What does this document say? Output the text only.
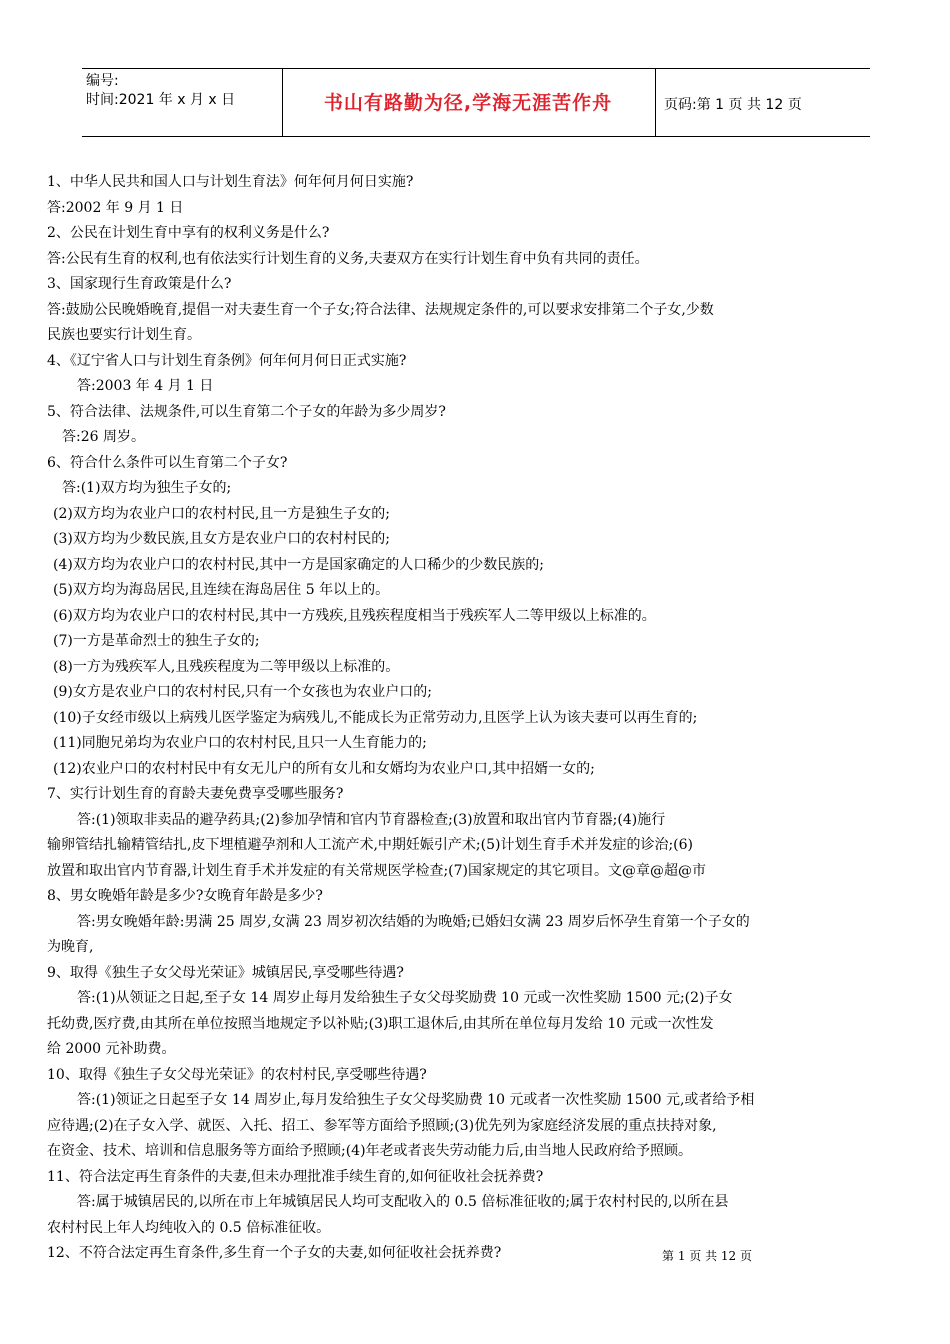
编号:
时间:2021 年 x 月 x 日	书山有路勤为径,学海无涯苦作舟	页码:第 1 页 共 12 页

1、中华人民共和国人口与计划生育法》何年何月何日实施?

答:2002 年 9 月 1 日

2、公民在计划生育中享有的权利义务是什么?

答:公民有生育的权利,也有依法实行计划生育的义务,夫妻双方在实行计划生育中负有共同的责任。

3、国家现行生育政策是什么?

答:鼓励公民晚婚晚育,提倡一对夫妻生育一个子女;符合法律、法规规定条件的,可以要求安排第二个子女,少数

民族也要实行计划生育。

4、《辽宁省人口与计划生育条例》何年何月何日正式实施?

答:2003 年 4 月 1 日

5、符合法律、法规条件,可以生育第二个子女的年龄为多少周岁?

答:26 周岁。

6、符合什么条件可以生育第二个子女?

答:(1)双方均为独生子女的;

(2)双方均为农业户口的农村村民,且一方是独生子女的;

(3)双方均为少数民族,且女方是农业户口的农村村民的;

(4)双方均为农业户口的农村村民,其中一方是国家确定的人口稀少的少数民族的;

(5)双方均为海岛居民,且连续在海岛居住 5 年以上的。

(6)双方均为农业户口的农村村民,其中一方残疾,且残疾程度相当于残疾军人二等甲级以上标准的。

(7)一方是革命烈士的独生子女的;

(8)一方为残疾军人,且残疾程度为二等甲级以上标准的。

(9)女方是农业户口的农村村民,只有一个女孩也为农业户口的;

(10)子女经市级以上病残儿医学鉴定为病残儿,不能成长为正常劳动力,且医学上认为该夫妻可以再生育的;

(11)同胞兄弟均为农业户口的农村村民,且只一人生育能力的;

(12)农业户口的农村村民中有女无儿户的所有女儿和女婿均为农业户口,其中招婿一女的;

7、实行计划生育的育龄夫妻免费享受哪些服务?

答:(1)领取非卖品的避孕药具;(2)参加孕情和官内节育器检查;(3)放置和取出官内节育器;(4)施行

输卵管结扎输精管结扎,皮下埋植避孕剂和人工流产术,中期妊娠引产术;(5)计划生育手术并发症的诊治;(6)

放置和取出官内节育器,计划生育手术并发症的有关常规医学检查;(7)国家规定的其它项目。文@章@超@市

8、男女晚婚年龄是多少?女晚育年龄是多少?

答:男女晚婚年龄:男满 25 周岁,女满 23 周岁初次结婚的为晚婚;已婚妇女满 23 周岁后怀孕生育第一个子女的

为晚育,

9、取得《独生子女父母光荣证》城镇居民,享受哪些待遇?

答:(1)从领证之日起,至子女 14 周岁止每月发给独生子女父母奖励费 10 元或一次性奖励 1500 元;(2)子女

托幼费,医疗费,由其所在单位按照当地规定予以补贴;(3)职工退休后,由其所在单位每月发给 10 元或一次性发

给 2000 元补助费。

10、取得《独生子女父母光荣证》的农村村民,享受哪些待遇?

答:(1)领证之日起至子女 14 周岁止,每月发给独生子女父母奖励费 10 元或者一次性奖励 1500 元,或者给予相

应待遇;(2)在子女入学、就医、入托、招工、参军等方面给予照顾;(3)优先列为家庭经济发展的重点扶持对象,

在资金、技术、培训和信息服务等方面给予照顾;(4)年老或者丧失劳动能力后,由当地人民政府给予照顾。

11、符合法定再生育条件的夫妻,但未办理批准手续生育的,如何征收社会抚养费?

答:属于城镇居民的,以所在市上年城镇居民人均可支配收入的 0.5 倍标准征收的;属于农村村民的,以所在县

农村村民上年人均纯收入的 0.5 倍标准征收。

12、不符合法定再生育条件,多生育一个子女的夫妻,如何征收社会抚养费?	第 1 页 共 12 页
